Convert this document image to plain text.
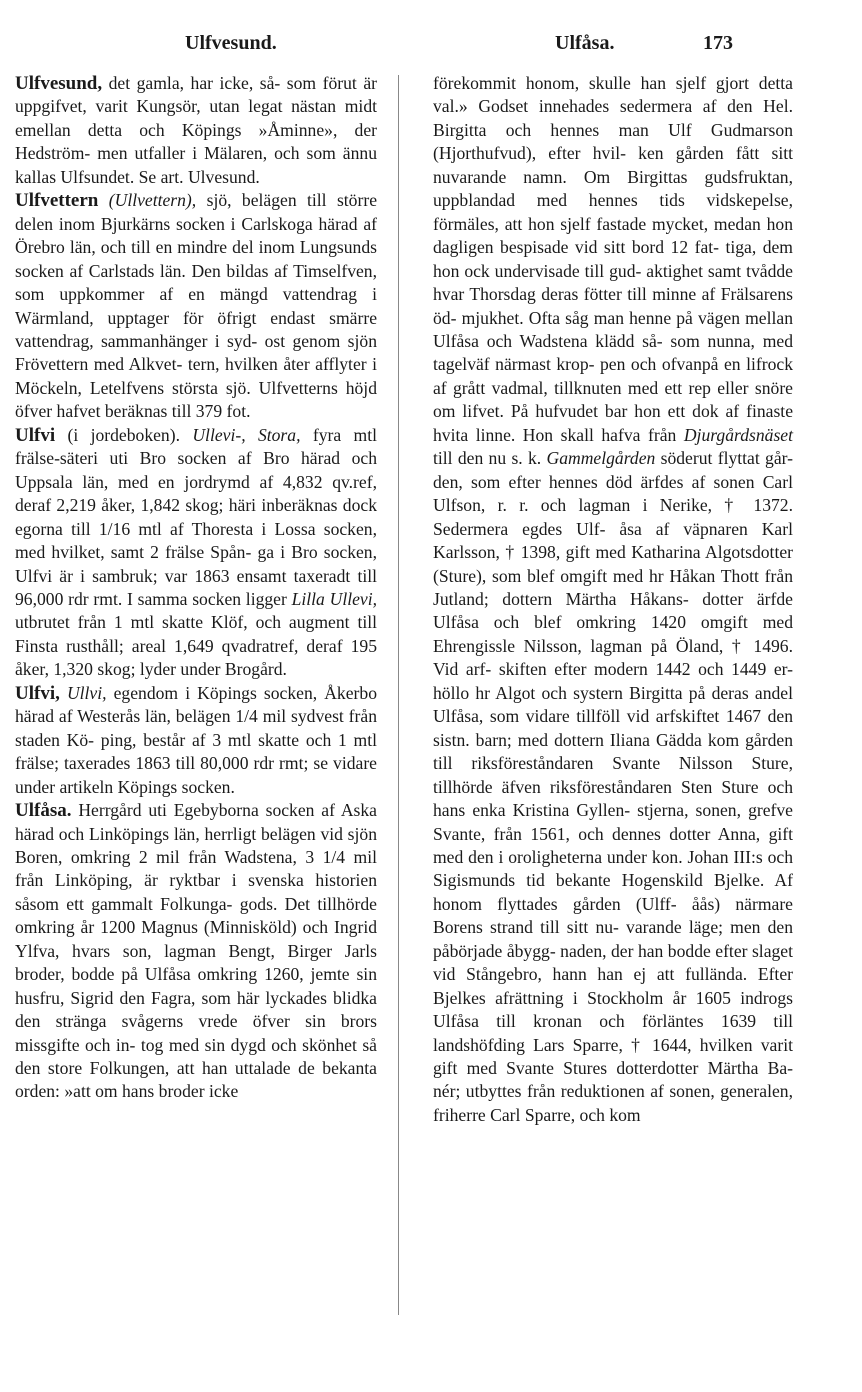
Ulfvesund.	Ulfåsa.	173

Ulfvesund, det gamla, har icke, så- som förut är uppgifvet, varit Kungsör, utan legat nästan midt emellan detta och Köpings »Åminne», der Hedström- men utfaller i Mälaren, och som ännu kallas Ulfsundet. Se art. Ulvesund.

Ulfvettern (Ullvettern), sjö, belägen till större delen inom Bjurkärns socken i Carlskoga härad af Örebro län, och till en mindre del inom Lungsunds socken af Carlstads län. Den bildas af Timselfven, som uppkommer af en mängd vattendrag i Wärmland, upptager för öfrigt endast smärre vattendrag, sammanhänger i syd- ost genom sjön Frövettern med Alkvet- tern, hvilken åter afflyter i Möckeln, Letelfvens största sjö. Ulfvetterns höjd öfver hafvet beräknas till 379 fot.

Ulfvi (i jordeboken). Ullevi-, Stora, fyra mtl frälse-säteri uti Bro socken af Bro härad och Uppsala län, med en jordrymd af 4,832 qv.ref, deraf 2,219 åker, 1,842 skog; häri inberäknas dock egorna till 1/16 mtl af Thoresta i Lossa socken, med hvilket, samt 2 frälse Spån- ga i Bro socken, Ulfvi är i sambruk; var 1863 ensamt taxeradt till 96,000 rdr rmt. I samma socken ligger Lilla Ullevi, utbrutet från 1 mtl skatte Klöf, och augment till Finsta rusthåll; areal 1,649 qvadratref, deraf 195 åker, 1,320 skog; lyder under Brogård.

Ulfvi, Ullvi, egendom i Köpings socken, Åkerbo härad af Westerås län, belägen 1/4 mil sydvest från staden Kö- ping, består af 3 mtl skatte och 1 mtl frälse; taxerades 1863 till 80,000 rdr rmt; se vidare under artikeln Köpings socken.

Ulfåsa. Herrgård uti Egebyborna socken af Aska härad och Linköpings län, herrligt belägen vid sjön Boren, omkring 2 mil från Wadstena, 3 1/4 mil från Linköping, är ryktbar i svenska historien såsom ett gammalt Folkunga- gods. Det tillhörde omkring år 1200 Magnus (Minnisköld) och Ingrid Ylfva, hvars son, lagman Bengt, Birger Jarls broder, bodde på Ulfåsa omkring 1260, jemte sin husfru, Sigrid den Fagra, som här lyckades blidka den stränga svågerns vrede öfver sin brors missgifte och in- tog med sin dygd och skönhet så den store Folkungen, att han uttalade de bekanta orden: »att om hans broder icke

förekommit honom, skulle han sjelf gjort detta val.» Godset innehades sedermera af den Hel. Birgitta och hennes man Ulf Gudmarson (Hjorthufvud), efter hvil- ken gården fått sitt nuvarande namn. Om Birgittas gudsfruktan, uppblandad med hennes tids vidskepelse, förmäles, att hon sjelf fastade mycket, medan hon dagligen bespisade vid sitt bord 12 fat- tiga, dem hon ock undervisade till gud- aktighet samt tvådde hvar Thorsdag deras fötter till minne af Frälsarens öd- mjukhet. Ofta såg man henne på vägen mellan Ulfåsa och Wadstena klädd så- som nunna, med tagelväf närmast krop- pen och ofvanpå en lifrock af grått vadmal, tillknuten med ett rep eller snöre om lifvet. På hufvudet bar hon ett dok af finaste hvita linne. Hon skall hafva från Djurgårdsnäset till den nu s. k. Gammelgården söderut flyttat går- den, som efter hennes död ärfdes af sonen Carl Ulfson, r. r. och lagman i Nerike, † 1372. Sedermera egdes Ulf- åsa af väpnaren Karl Karlsson, † 1398, gift med Katharina Algotsdotter (Sture), som blef omgift med hr Håkan Thott från Jutland; dottern Märtha Håkans- dotter ärfde Ulfåsa och blef omkring 1420 omgift med Ehrengissle Nilsson, lagman på Öland, † 1496. Vid arf- skiften efter modern 1442 och 1449 er- höllo hr Algot och systern Birgitta på deras andel Ulfåsa, som vidare tillföll vid arfskiftet 1467 den sistn. barn; med dottern Iliana Gädda kom gården till riksföreståndaren Svante Nilsson Sture, tillhörde äfven riksföreståndaren Sten Sture och hans enka Kristina Gyllen- stjerna, sonen, grefve Svante, från 1561, och dennes dotter Anna, gift med den i oroligheterna under kon. Johan III:s och Sigismunds tid bekante Hogenskild Bjelke. Af honom flyttades gården (Ulff- åås) närmare Borens strand till sitt nu- varande läge; men den påbörjade åbygg- naden, der han bodde efter slaget vid Stångebro, hann han ej att fulländа. Efter Bjelkes afrättning i Stockholm år 1605 indrogs Ulfåsa till kronan och förläntes 1639 till landshöfding Lars Sparre, † 1644, hvilken varit gift med Svante Stures dotterdotter Märtha Ba- nér; utbyttes från reduktionen af sonen, generalen, friherre Carl Sparre, och kom
